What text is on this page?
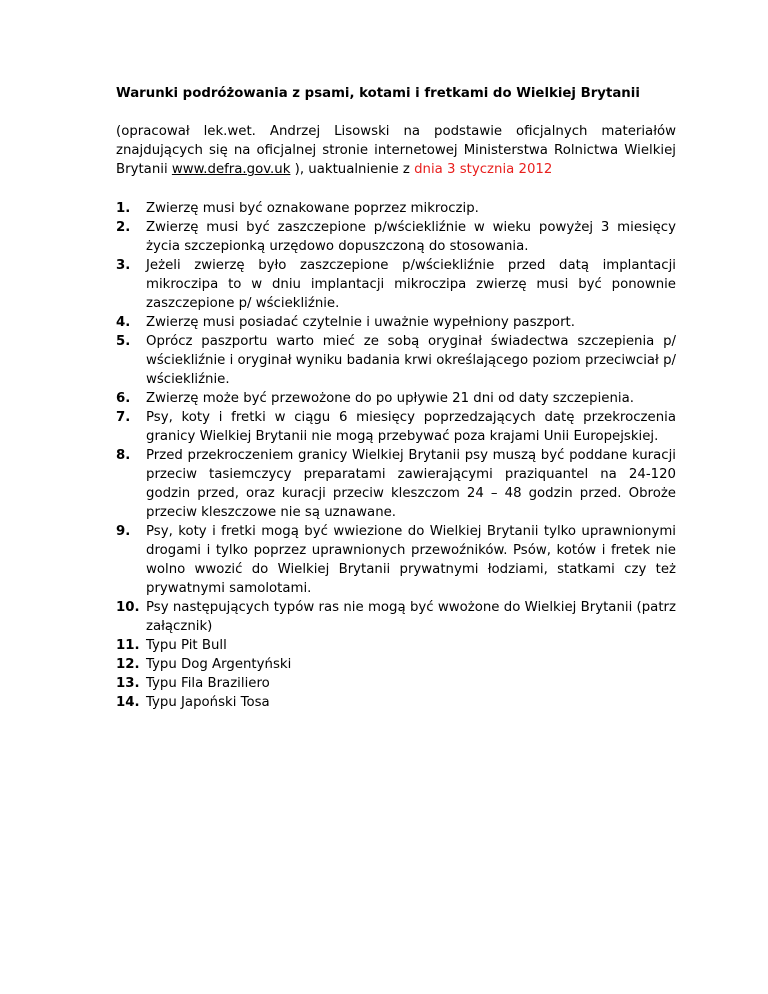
Warunki podróżowania z psami, kotami i fretkami do Wielkiej Brytanii
(opracował lek.wet. Andrzej Lisowski na podstawie oficjalnych materiałów znajdujących się na oficjalnej stronie internetowej Ministerstwa Rolnictwa Wielkiej Brytanii www.defra.gov.uk ), uaktualnienie z dnia 3 stycznia 2012
1. Zwierzę musi być oznakowane poprzez mikroczip.
2. Zwierzę musi być zaszczepione p/wściekliźnie w wieku powyżej 3 miesięcy życia szczepionką urzędowo dopuszczoną do stosowania.
3. Jeżeli zwierzę było zaszczepione p/wściekliźnie przed datą implantacji mikroczipa to w dniu implantacji mikroczipa zwierzę musi być ponownie zaszczepione p/ wściekliźnie.
4. Zwierzę musi posiadać czytelnie i uważnie wypełniony paszport.
5. Oprócz paszportu warto mieć ze sobą oryginał świadectwa szczepienia p/ wściekliźnie i oryginał wyniku badania krwi określającego poziom przeciwciał p/ wściekliźnie.
6. Zwierzę może być przewożone do po upływie 21 dni od daty szczepienia.
7. Psy, koty i fretki w ciągu 6 miesięcy poprzedzających datę przekroczenia granicy Wielkiej Brytanii nie mogą przebywać poza krajami Unii Europejskiej.
8. Przed przekroczeniem granicy Wielkiej Brytanii psy muszą być poddane kuracji przeciw tasiemczycy preparatami zawierającymi praziquantel na 24-120 godzin przed, oraz kuracji przeciw kleszczom 24 – 48 godzin przed. Obroże przeciw kleszczowe nie są uznawane.
9. Psy, koty i fretki mogą być wwiezione do Wielkiej Brytanii tylko uprawnionymi drogami i tylko poprzez uprawnionych przewoźników. Psów, kotów i fretek nie wolno wwozić do Wielkiej Brytanii prywatnymi łodziami, statkami czy też prywatnymi samolotami.
10. Psy następujących typów ras nie mogą być wwożone do Wielkiej Brytanii (patrz załącznik)
11. Typu Pit Bull
12. Typu Dog Argentyński
13. Typu Fila Braziliero
14. Typu Japoński Tosa
